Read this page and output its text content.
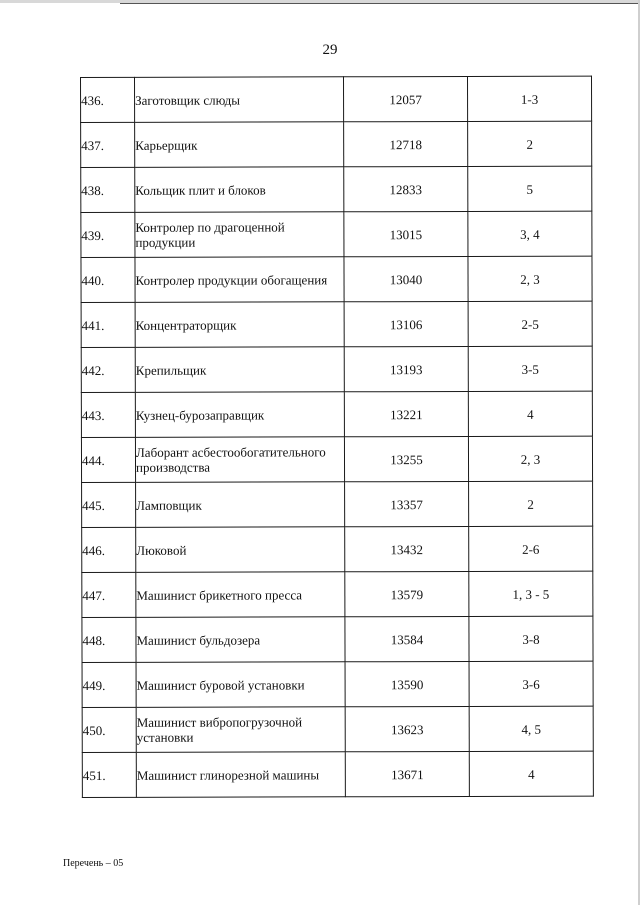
29
436.	Заготовщик слюды	12057	1-3
437.	Карьерщик	12718	2
438.	Кольщик плит и блоков	12833	5
439.	Контролер по драгоценной продукции	13015	3, 4
440.	Контролер продукции обогащения	13040	2, 3
441.	Концентраторщик	13106	2-5
442.	Крепильщик	13193	3-5
443.	Кузнец-бурозаправщик	13221	4
444.	Лаборант асбестообогатительного производства	13255	2, 3
445.	Ламповщик	13357	2
446.	Люковой	13432	2-6
447.	Машинист брикетного пресса	13579	1, 3 - 5
448.	Машинист бульдозера	13584	3-8
449.	Машинист буровой установки	13590	3-6
450.	Машинист вибропогрузочной установки	13623	4, 5
451.	Машинист глинорезной машины	13671	4
Перечень – 05
